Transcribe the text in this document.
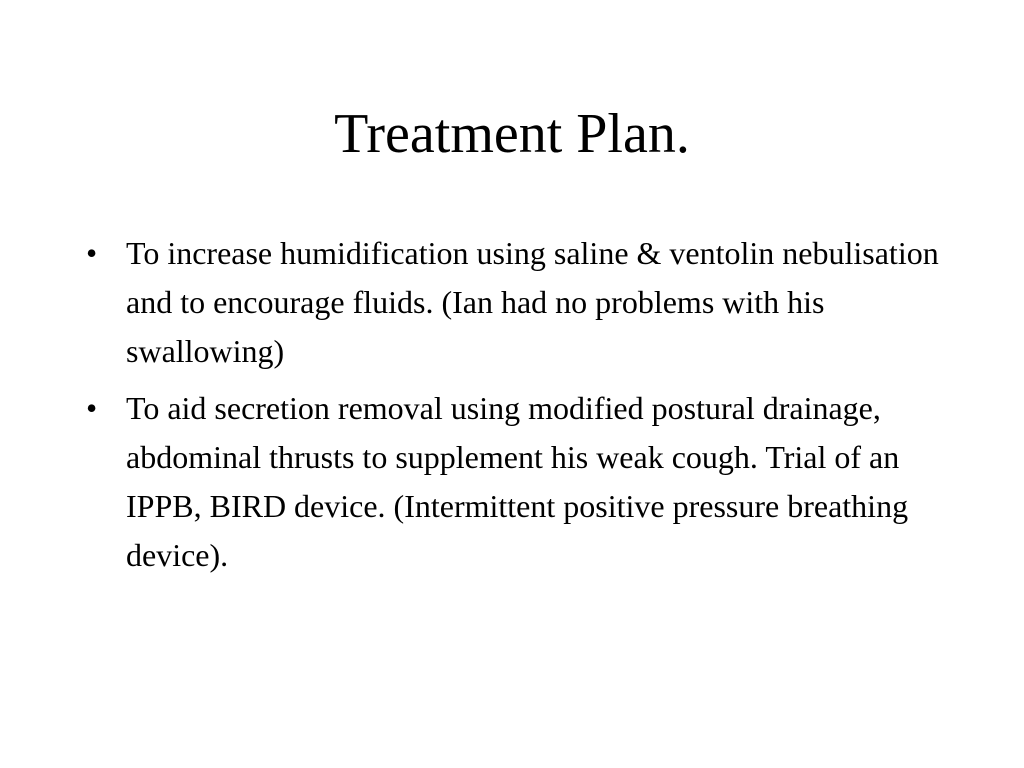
Treatment Plan.
• To increase humidification using saline & ventolin nebulisation and to encourage fluids. (Ian had no problems with his swallowing)
• To aid secretion removal using modified postural drainage, abdominal thrusts to supplement his weak cough. Trial of an IPPB, BIRD device. (Intermittent positive pressure breathing device).
